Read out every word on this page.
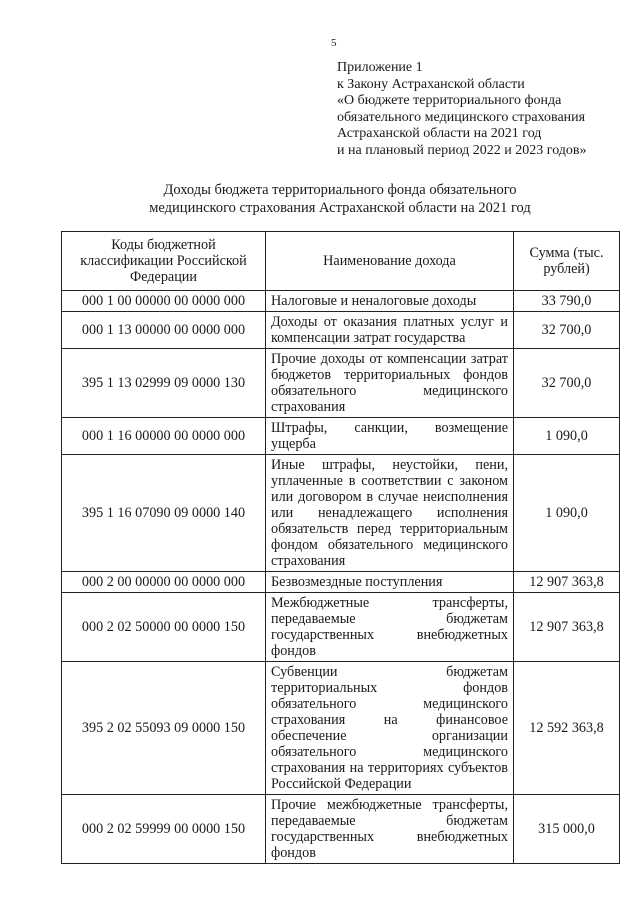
5
Приложение 1
к Закону Астраханской области
«О бюджете территориального фонда
обязательного медицинского страхования
Астраханской области на 2021 год
и на плановый период 2022 и 2023 годов»
Доходы бюджета территориального фонда обязательного
медицинского страхования Астраханской области на 2021 год
Коды бюджетной классификации Российской Федерации	Наименование дохода	Сумма (тыс. рублей)
000 1 00 00000 00 0000 000	Налоговые и неналоговые доходы	33 790,0
000 1 13 00000 00 0000 000	Доходы от оказания платных услуг и компенсации затрат государства	32 700,0
395 1 13 02999 09 0000 130	Прочие доходы от компенсации затрат бюджетов территориальных фондов обязательного медицинского страхования	32 700,0
000 1 16 00000 00 0000 000	Штрафы, санкции, возмещение ущерба	1 090,0
395 1 16 07090 09 0000 140	Иные штрафы, неустойки, пени, уплаченные в соответствии с законом или договором в случае неисполнения или ненадлежащего исполнения обязательств перед территориальным фондом обязательного медицинского страхования	1 090,0
000 2 00 00000 00 0000 000	Безвозмездные поступления	12 907 363,8
000 2 02 50000 00 0000 150	Межбюджетные трансферты, передаваемые бюджетам государственных внебюджетных фондов	12 907 363,8
395 2 02 55093 09 0000 150	Субвенции бюджетам территориальных фондов обязательного медицинского страхования на финансовое обеспечение организации обязательного медицинского страхования на территориях субъектов Российской Федерации	12 592 363,8
000 2 02 59999 00 0000 150	Прочие межбюджетные трансферты, передаваемые бюджетам государственных внебюджетных фондов	315 000,0
